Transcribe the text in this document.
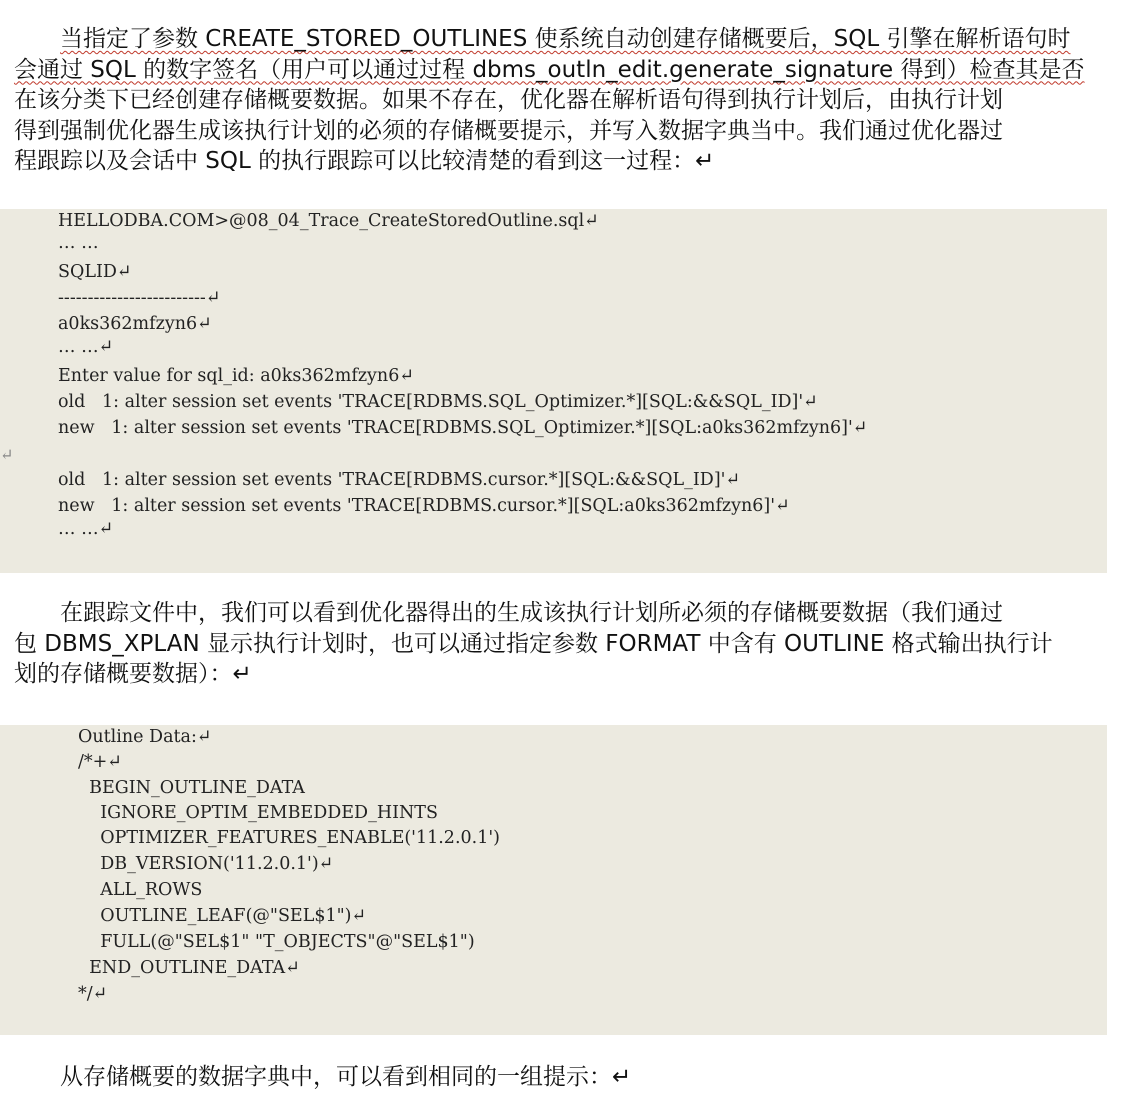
当指定了参数 CREATE_STORED_OUTLINES 使系统自动创建存储概要后，SQL 引擎在解析语句时
会通过 SQL 的数字签名（用户可以通过过程 dbms_outln_edit.generate_signature 得到）检查其是否
在该分类下已经创建存储概要数据。如果不存在，优化器在解析语句得到执行计划后，由执行计划
得到强制优化器生成该执行计划的必须的存储概要提示，并写入数据字典当中。我们通过优化器过
程跟踪以及会话中 SQL 的执行跟踪可以比较清楚的看到这一过程：↵
HELLODBA.COM>@08_04_Trace_CreateStoredOutline.sql↵
… …
SQLID↵
-------------------------↵
a0ks362mfzyn6↵
… …↵
Enter value for sql_id: a0ks362mfzyn6↵
old   1: alter session set events 'TRACE[RDBMS.SQL_Optimizer.*][SQL:&&SQL_ID]'↵
new   1: alter session set events 'TRACE[RDBMS.SQL_Optimizer.*][SQL:a0ks362mfzyn6]'↵
↵
old   1: alter session set events 'TRACE[RDBMS.cursor.*][SQL:&&SQL_ID]'↵
new   1: alter session set events 'TRACE[RDBMS.cursor.*][SQL:a0ks362mfzyn6]'↵
… …↵
在跟踪文件中，我们可以看到优化器得出的生成该执行计划所必须的存储概要数据（我们通过
包 DBMS_XPLAN 显示执行计划时，也可以通过指定参数 FORMAT 中含有 OUTLINE 格式输出执行计
划的存储概要数据）：↵
Outline Data:↵
/*+↵
BEGIN_OUTLINE_DATA
IGNORE_OPTIM_EMBEDDED_HINTS
OPTIMIZER_FEATURES_ENABLE('11.2.0.1')
DB_VERSION('11.2.0.1')↵
ALL_ROWS
OUTLINE_LEAF(@"SEL$1")↵
FULL(@"SEL$1" "T_OBJECTS"@"SEL$1")
END_OUTLINE_DATA↵
*/↵
从存储概要的数据字典中，可以看到相同的一组提示：↵
